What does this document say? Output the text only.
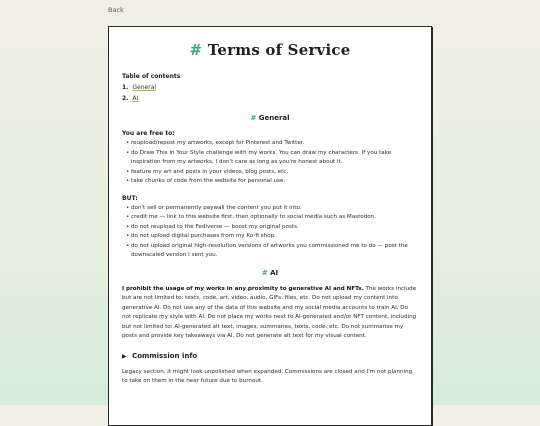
Back
# Terms of Service
Table of contents
1. General
2. AI
# General
You are free to:
• reupload/repost my artworks, except for Pinterest and Twitter.
• do Draw This In Your Style challenge with my works. You can draw my characters. If you take inspiration from my artworks, I don't care as long as you're honest about it.
• feature my art and posts in your videos, blog posts, etc.
• take chunks of code from the website for personal use.
BUT:
• don't sell or permanently paywall the content you put it into.
• credit me — link to this website first, then optionally to social media such as Mastodon.
• do not reupload to the Fediverse — boost my original posts.
• do not upload digital purchases from my Ko-fi shop.
• do not upload original high-resolution versions of artworks you commissioned me to do — post the downscaled version I sent you.
# AI

I prohibit the usage of my works in any proximity to generative AI and NFTs. The works include but are not limited to: texts, code, art, video, audio, GIFs, files, etc. Do not upload my content into generative AI. Do not use any of the data of this website and my social media accounts to train AI. Do not replicate my style with AI. Do not place my works next to AI-generated and/or NFT content, including but not limited to: AI-generated alt text, images, summaries, texts, code, etc. Do not summarise my posts and provide key takeaways via AI. Do not generate alt text for my visual content.

▶ Commission info

Legacy section, it might look unpolished when expanded. Commissions are closed and I'm not planning to take on them in the near future due to burnout.
